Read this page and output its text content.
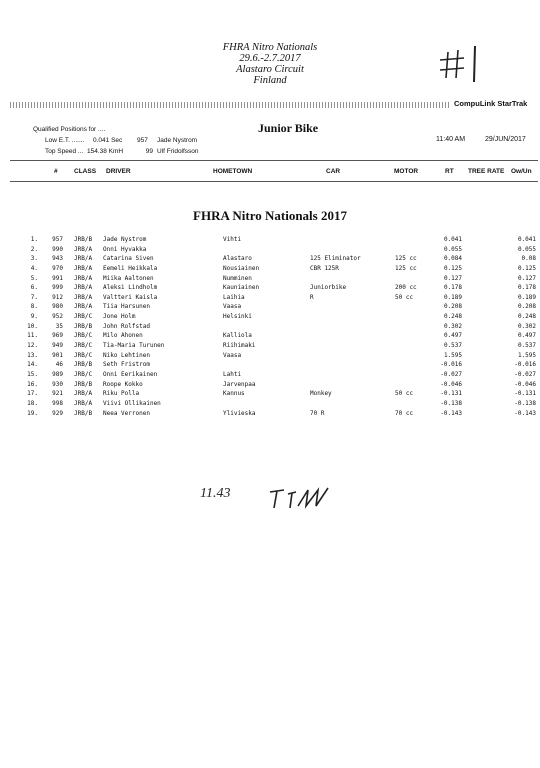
FHRA Nitro Nationals
29.6.-2.7.2017
Alastaro Circuit
Finland
CompuLink StarTrak
Qualified Positions for ....
Low E.T. .......	0.041 Sec	957	Jade Nystrom
Top Speed ... 154.38 KmH	99 Ulf Fridolfsson
Junior Bike
11:40 AM	29/JUN/2017
#	CLASS DRIVER	HOMETOWN	CAR	MOTOR	RT TREE RATE Ow/Un
FHRA Nitro Nationals 2017
1.	957 JRB/B Jade Nystrom	Vihti	0.041	0.041
2.	990 JRB/A Onni Hyvakka	0.055	0.055
3.	943 JRB/A Catarina Siven	Alastaro	125 Eliminator	125 cc	0.084	0.08
4.	970 JRB/A Eemeli Heikkala	Nousiainen	CBR 125R	125 cc	0.125	0.125
5.	991 JRB/A Miika Aaltonen	Numminen	0.127	0.127
6.	999 JRB/A Aleksi Lindholm	Kauniainen	Juniorbike	200 cc	0.178	0.178
7.	912 JRB/A Valtteri Kaisla	Laihia	R	50 cc	0.189	0.189
8.	980 JRB/A Tiia Harsunen	Vaasa	0.208	0.208
9.	952 JRB/C Jone Holm	Helsinki	0.248	0.248
10.	35 JRB/B John Rolfstad	0.302	0.302
11.	969 JRB/C Milo Ahonen	Kalliola	0.497	0.497
12.	949 JRB/C Tia-Maria Turunen	Riihimaki	0.537	0.537
13.	901 JRB/C Niko Lehtinen	Vaasa	1.595	1.595
14.	46 JRB/B Seth Fristrom	-0.016	-0.016
15.	989 JRB/C Onni Eerikainen	Lahti	-0.027	-0.027
16.	930 JRB/B Roope Kokko	Jarvenpaa	-0.046	-0.046
17.	921 JRB/A Riku Polla	Kannus	Monkey	50 cc	-0.131	-0.131
18.	998 JRB/A Viivi Ollikainen	-0.138	-0.138
19.	929 JRB/B Neea Verronen	Ylivieska	70 R	70 cc	-0.143	-0.143
11.43
